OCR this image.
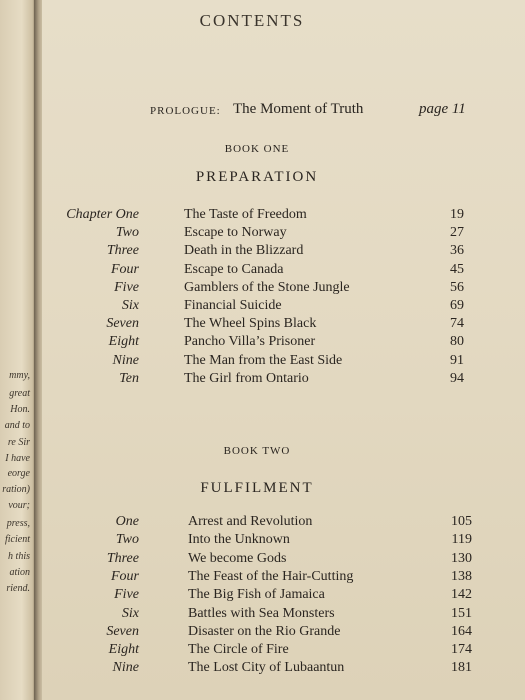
mmy,
great
Hon.
and to
re Sir
I have
eorge
ration)
vour;
press,
ficient
h this
ation
riend.
CONTENTS
PROLOGUE: The Moment of Truth	page 11
BOOK ONE
PREPARATION
Chapter One	The Taste of Freedom	19
Two	Escape to Norway	27
Three	Death in the Blizzard	36
Four	Escape to Canada	45
Five	Gamblers of the Stone Jungle	56
Six	Financial Suicide	69
Seven	The Wheel Spins Black	74
Eight	Pancho Villa’s Prisoner	80
Nine	The Man from the East Side	91
Ten	The Girl from Ontario	94
BOOK TWO
FULFILMENT
One	Arrest and Revolution	105
Two	Into the Unknown	119
Three	We become Gods	130
Four	The Feast of the Hair-Cutting	138
Five	The Big Fish of Jamaica	142
Six	Battles with Sea Monsters	151
Seven	Disaster on the Rio Grande	164
Eight	The Circle of Fire	174
Nine	The Lost City of Lubaantun	181
